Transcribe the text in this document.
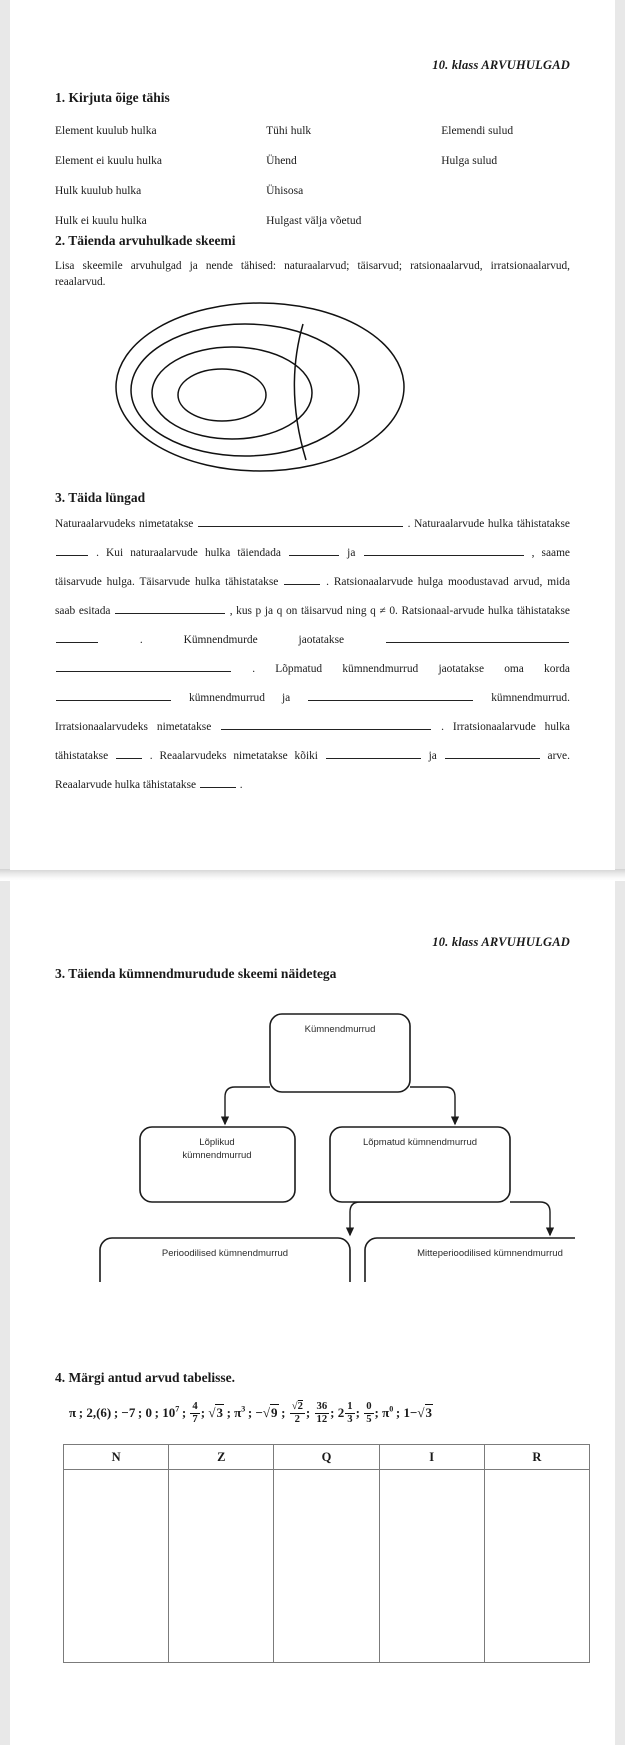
10. klass ARVUHULGAD
1. Kirjuta õige tähis
Element kuulub hulka	Tühi hulk	Elemendi sulud
Element ei kuulu hulka	Ühend	Hulga sulud
Hulk kuulub hulka	Ühisosa
Hulk ei kuulu hulka	Hulgast välja võetud
2. Täienda arvuhulkade skeemi

Lisa skeemile arvuhulgad ja nende tähised: naturaalarvud; täisarvud; ratsionaalarvud, irratsionaalarvud, reaalarvud.

3. Täida lüngad

Naturaalarvudeks nimetatakse	. Naturaalarvude hulka tähistatakse  . Kui naturaalarvude hulka täiendada	ja	, saame täisarvude hulga. Täisarvude hulka tähistatakse	. Ratsionaalarvude hulga moodustavad arvud, mida saab esitada	, kus p ja q on täisarvud ning q ≠ 0. Ratsionaal-arvude hulka tähistatakse  . Kümnendmurde jaotatakse   . Lõpmatud kümnendmurrud jaotatakse oma korda  kümnendmurrud ja	kümnendmurrud. Irratsionaalarvudeks nimetatakse	. Irratsionaalarvude hulka tähistatakse	. Reaalarvudeks nimetatakse kõiki	ja	arve. Reaalarvude hulka tähistatakse	.

10. klass ARVUHULGAD
3. Täienda kümnendmurudude skeemi näidetega
Kümnendmurrud
Lõplikud
kümnendmurrud
Lõpmatud kümnendmurrud
Perioodilised kümnendmurrud	Mitteperioodilised kümnendmurrud
4. Märgi antud arvud tabelisse.
π ; 2,(6) ; −7 ; 0 ; $10^7$ ; $\frac{4}{7}$ ; √3 ; $\pi^3$ ; −√9 ; $\frac{√2}{2}$ ; $\frac{36}{12}$ ; $2 \frac{1}{3}$ ; $\frac{0}{5}$ ; $\pi^0$ ; 1−√3
N	Z	Q	I	R
